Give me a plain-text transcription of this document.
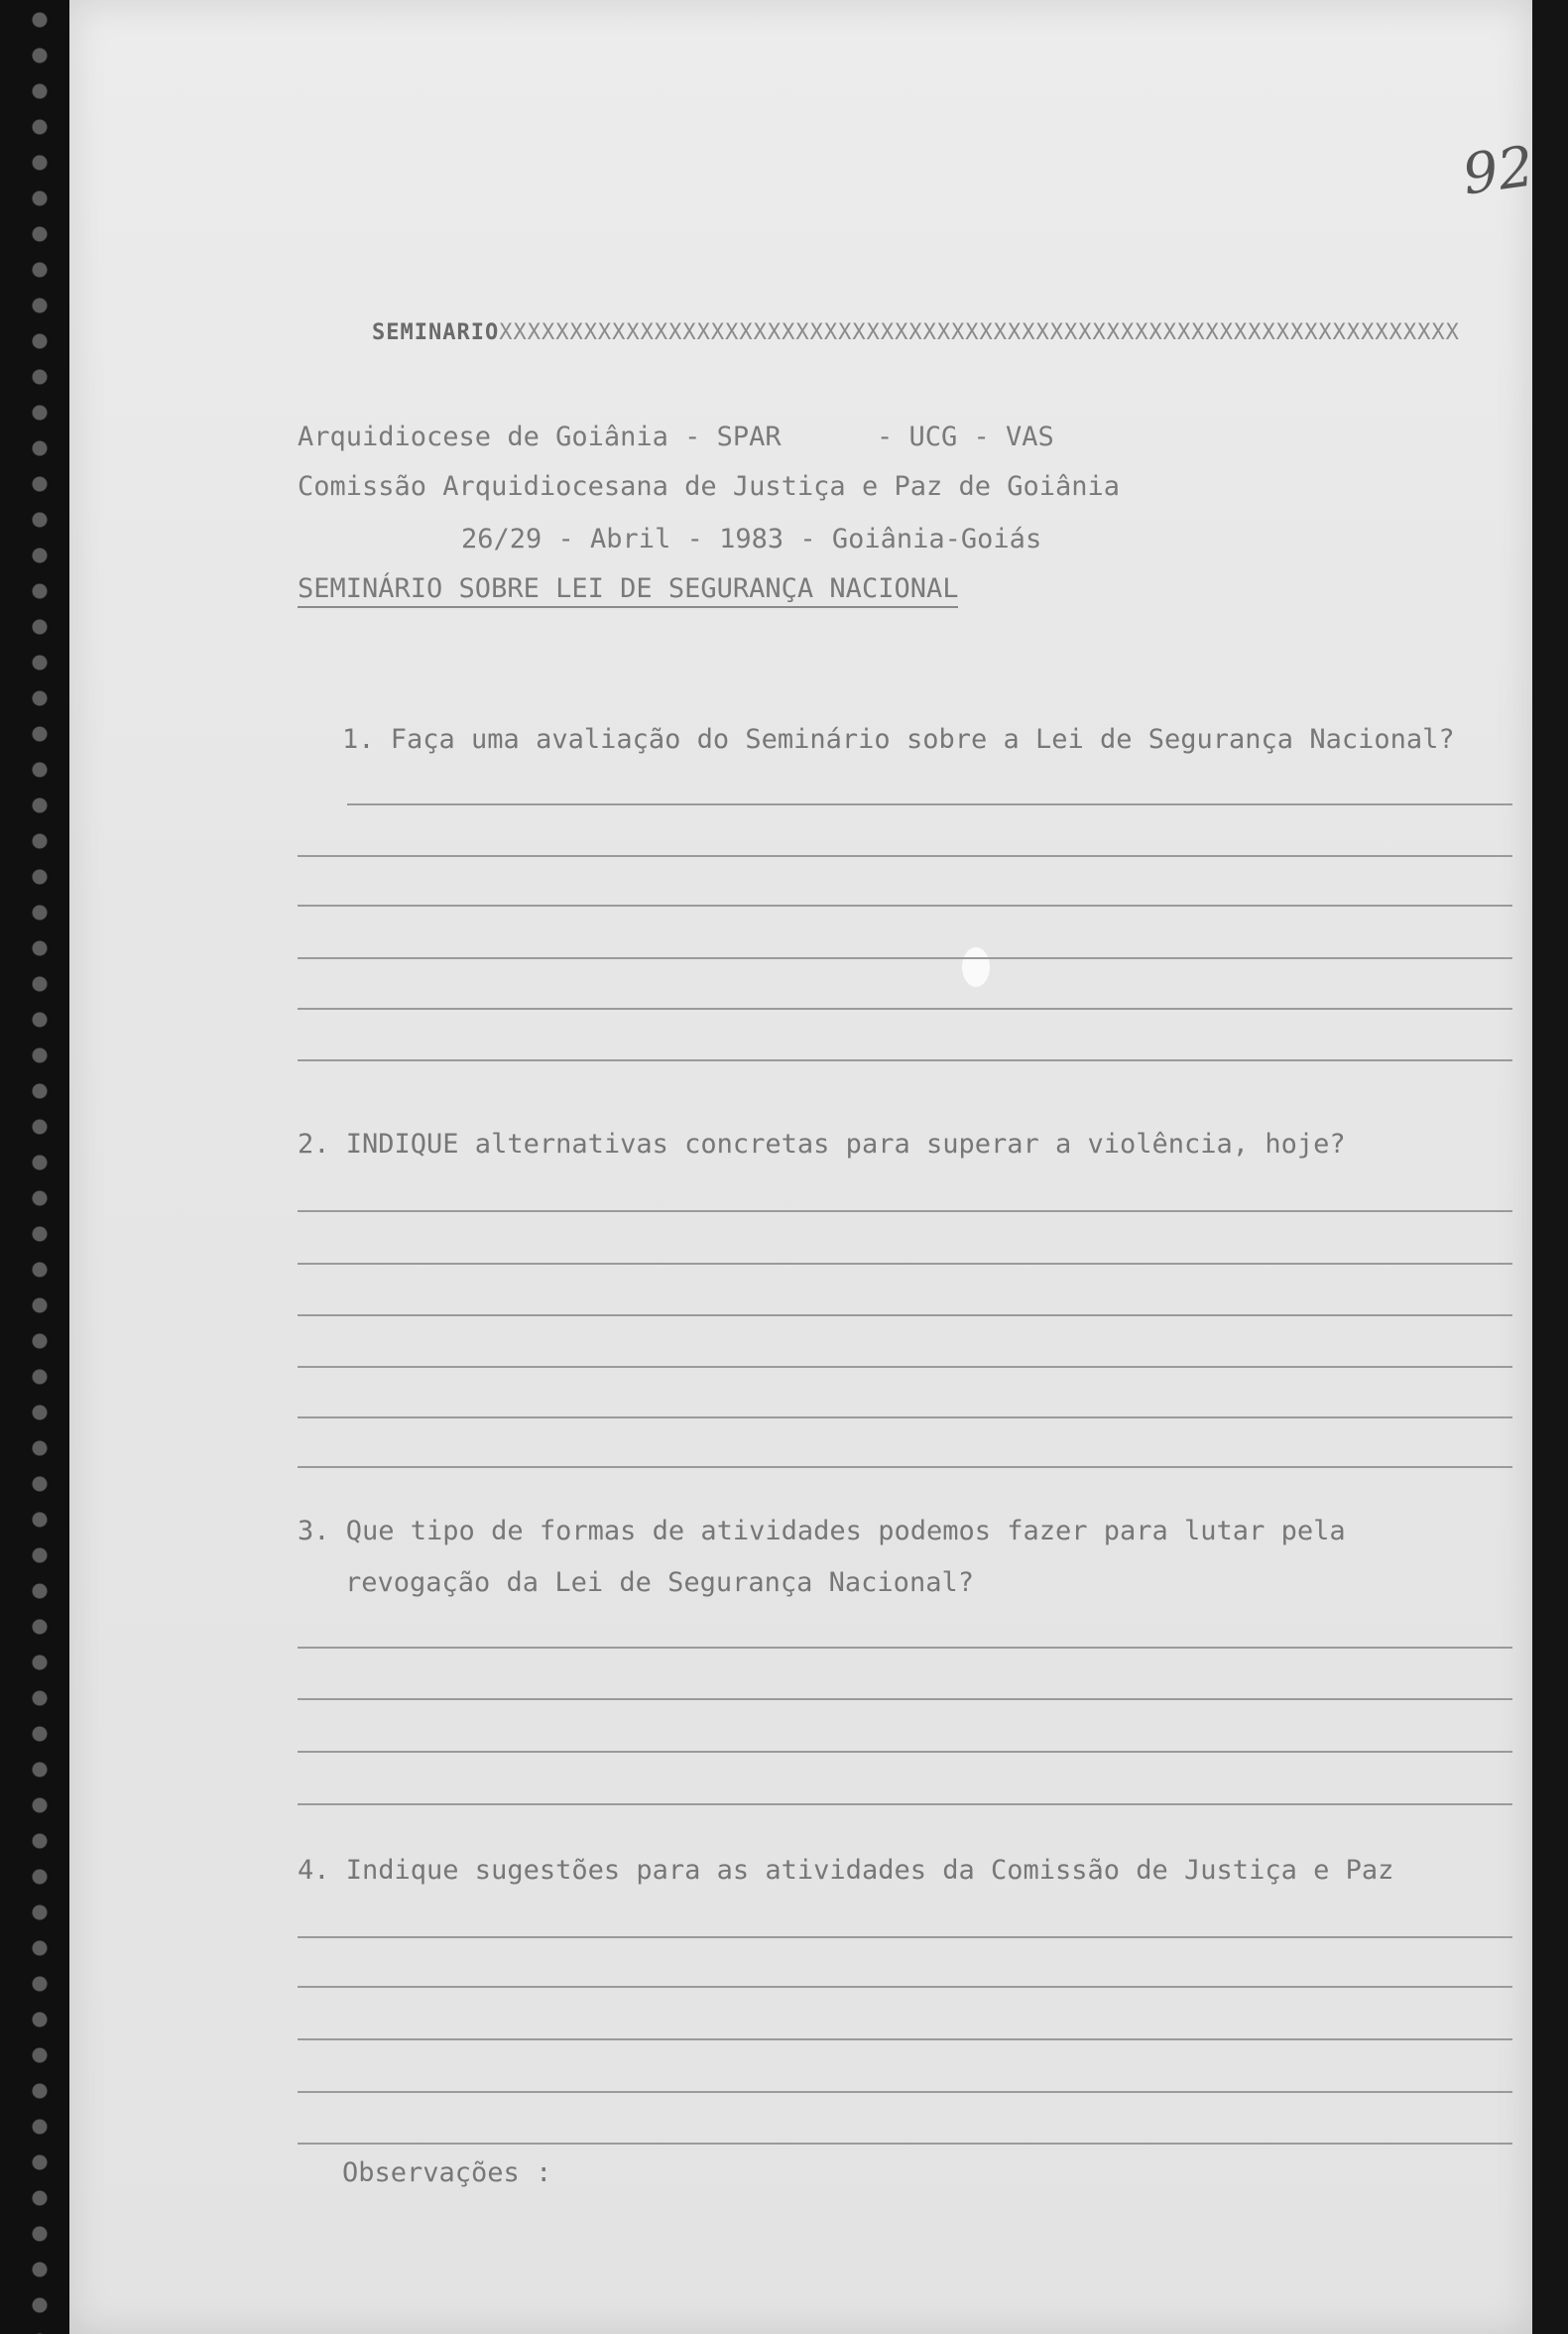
92
SEMINARIOXXXXXXXXXXXXXXXXXXXXXXXXXXXXXXXXXXXXXXXXXXXXXXXXXXXXXXXXXXXXXXXXXXXX
Arquidiocese de Goiânia - SPAR	- UCG - VAS
Comissão Arquidiocesana de Justiça e Paz de Goiânia
26/29 - Abril - 1983 - Goiânia-Goiás
SEMINÁRIO SOBRE LEI DE SEGURANÇA NACIONAL
1. Faça uma avaliação do Seminário sobre a Lei de Segurança Nacional?
2. INDIQUE alternativas concretas para superar a violência, hoje?
3. Que tipo de formas de atividades podemos fazer para lutar pela
revogação da Lei de Segurança Nacional?
4. Indique sugestões para as atividades da Comissão de Justiça e Paz
Observações :
